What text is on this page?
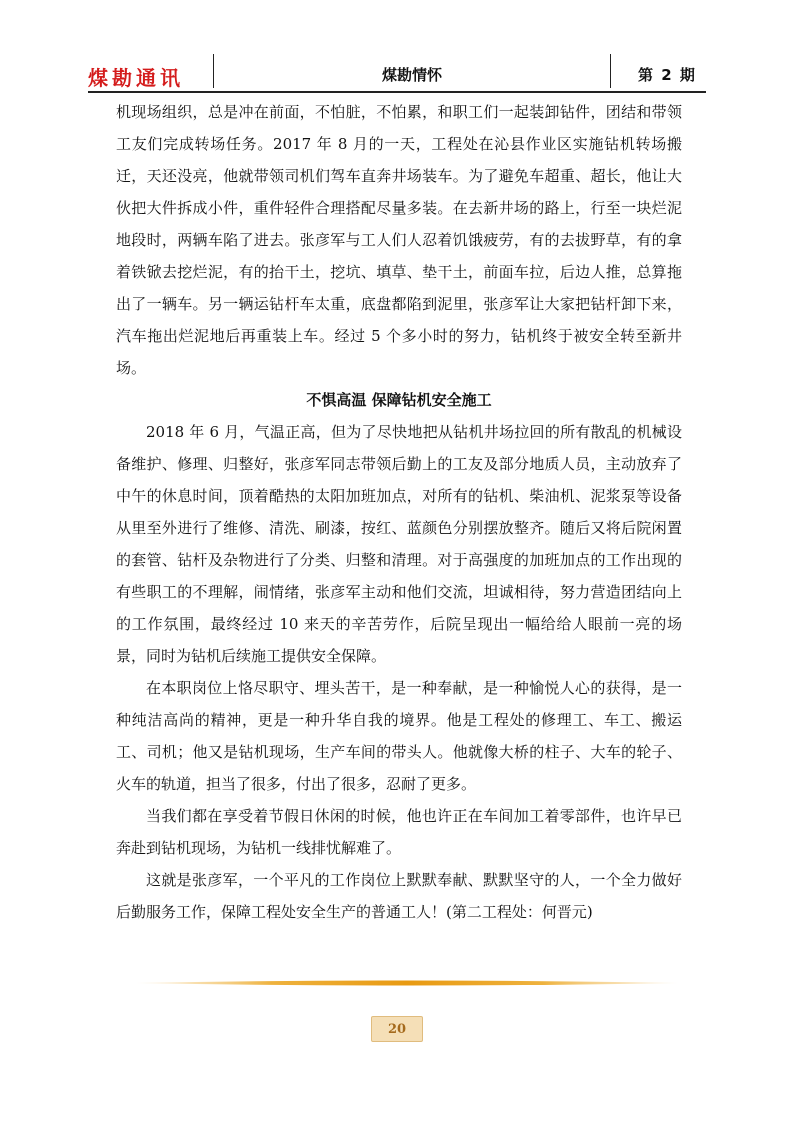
煤勘通讯	煤勘情怀	第 2 期

机现场组织，总是冲在前面，不怕脏，不怕累，和职工们一起装卸钻件，团结和带领工友们完成转场任务。2017 年 8 月的一天，工程处在沁县作业区实施钻机转场搬迁，天还没亮，他就带领司机们驾车直奔井场装车。为了避免车超重、超长，他让大伙把大件拆成小件，重件轻件合理搭配尽量多装。在去新井场的路上，行至一块烂泥地段时，两辆车陷了进去。张彦军与工人们人忍着饥饿疲劳，有的去拔野草，有的拿着铁锨去挖烂泥，有的抬干土，挖坑、填草、垫干土，前面车拉，后边人推，总算拖出了一辆车。另一辆运钻杆车太重，底盘都陷到泥里，张彦军让大家把钻杆卸下来，汽车拖出烂泥地后再重装上车。经过 5 个多小时的努力，钻机终于被安全转至新井场。

不惧高温 保障钻机安全施工

2018 年 6 月，气温正高，但为了尽快地把从钻机井场拉回的所有散乱的机械设备维护、修理、归整好，张彦军同志带领后勤上的工友及部分地质人员，主动放弃了中午的休息时间，顶着酷热的太阳加班加点，对所有的钻机、柴油机、泥浆泵等设备从里至外进行了维修、清洗、刷漆，按红、蓝颜色分别摆放整齐。随后又将后院闲置的套管、钻杆及杂物进行了分类、归整和清理。对于高强度的加班加点的工作出现的有些职工的不理解，闹情绪，张彦军主动和他们交流，坦诚相待，努力营造团结向上的工作氛围，最终经过 10 来天的辛苦劳作，后院呈现出一幅给给人眼前一亮的场景，同时为钻机后续施工提供安全保障。

在本职岗位上恪尽职守、埋头苦干，是一种奉献，是一种愉悦人心的获得，是一种纯洁高尚的精神，更是一种升华自我的境界。他是工程处的修理工、车工、搬运工、司机；他又是钻机现场，生产车间的带头人。他就像大桥的柱子、大车的轮子、火车的轨道，担当了很多，付出了很多，忍耐了更多。

当我们都在享受着节假日休闲的时候，他也许正在车间加工着零部件，也许早已奔赴到钻机现场，为钻机一线排忧解难了。

这就是张彦军，一个平凡的工作岗位上默默奉献、默默坚守的人，一个全力做好后勤服务工作，保障工程处安全生产的普通工人！(第二工程处：何晋元)

20
